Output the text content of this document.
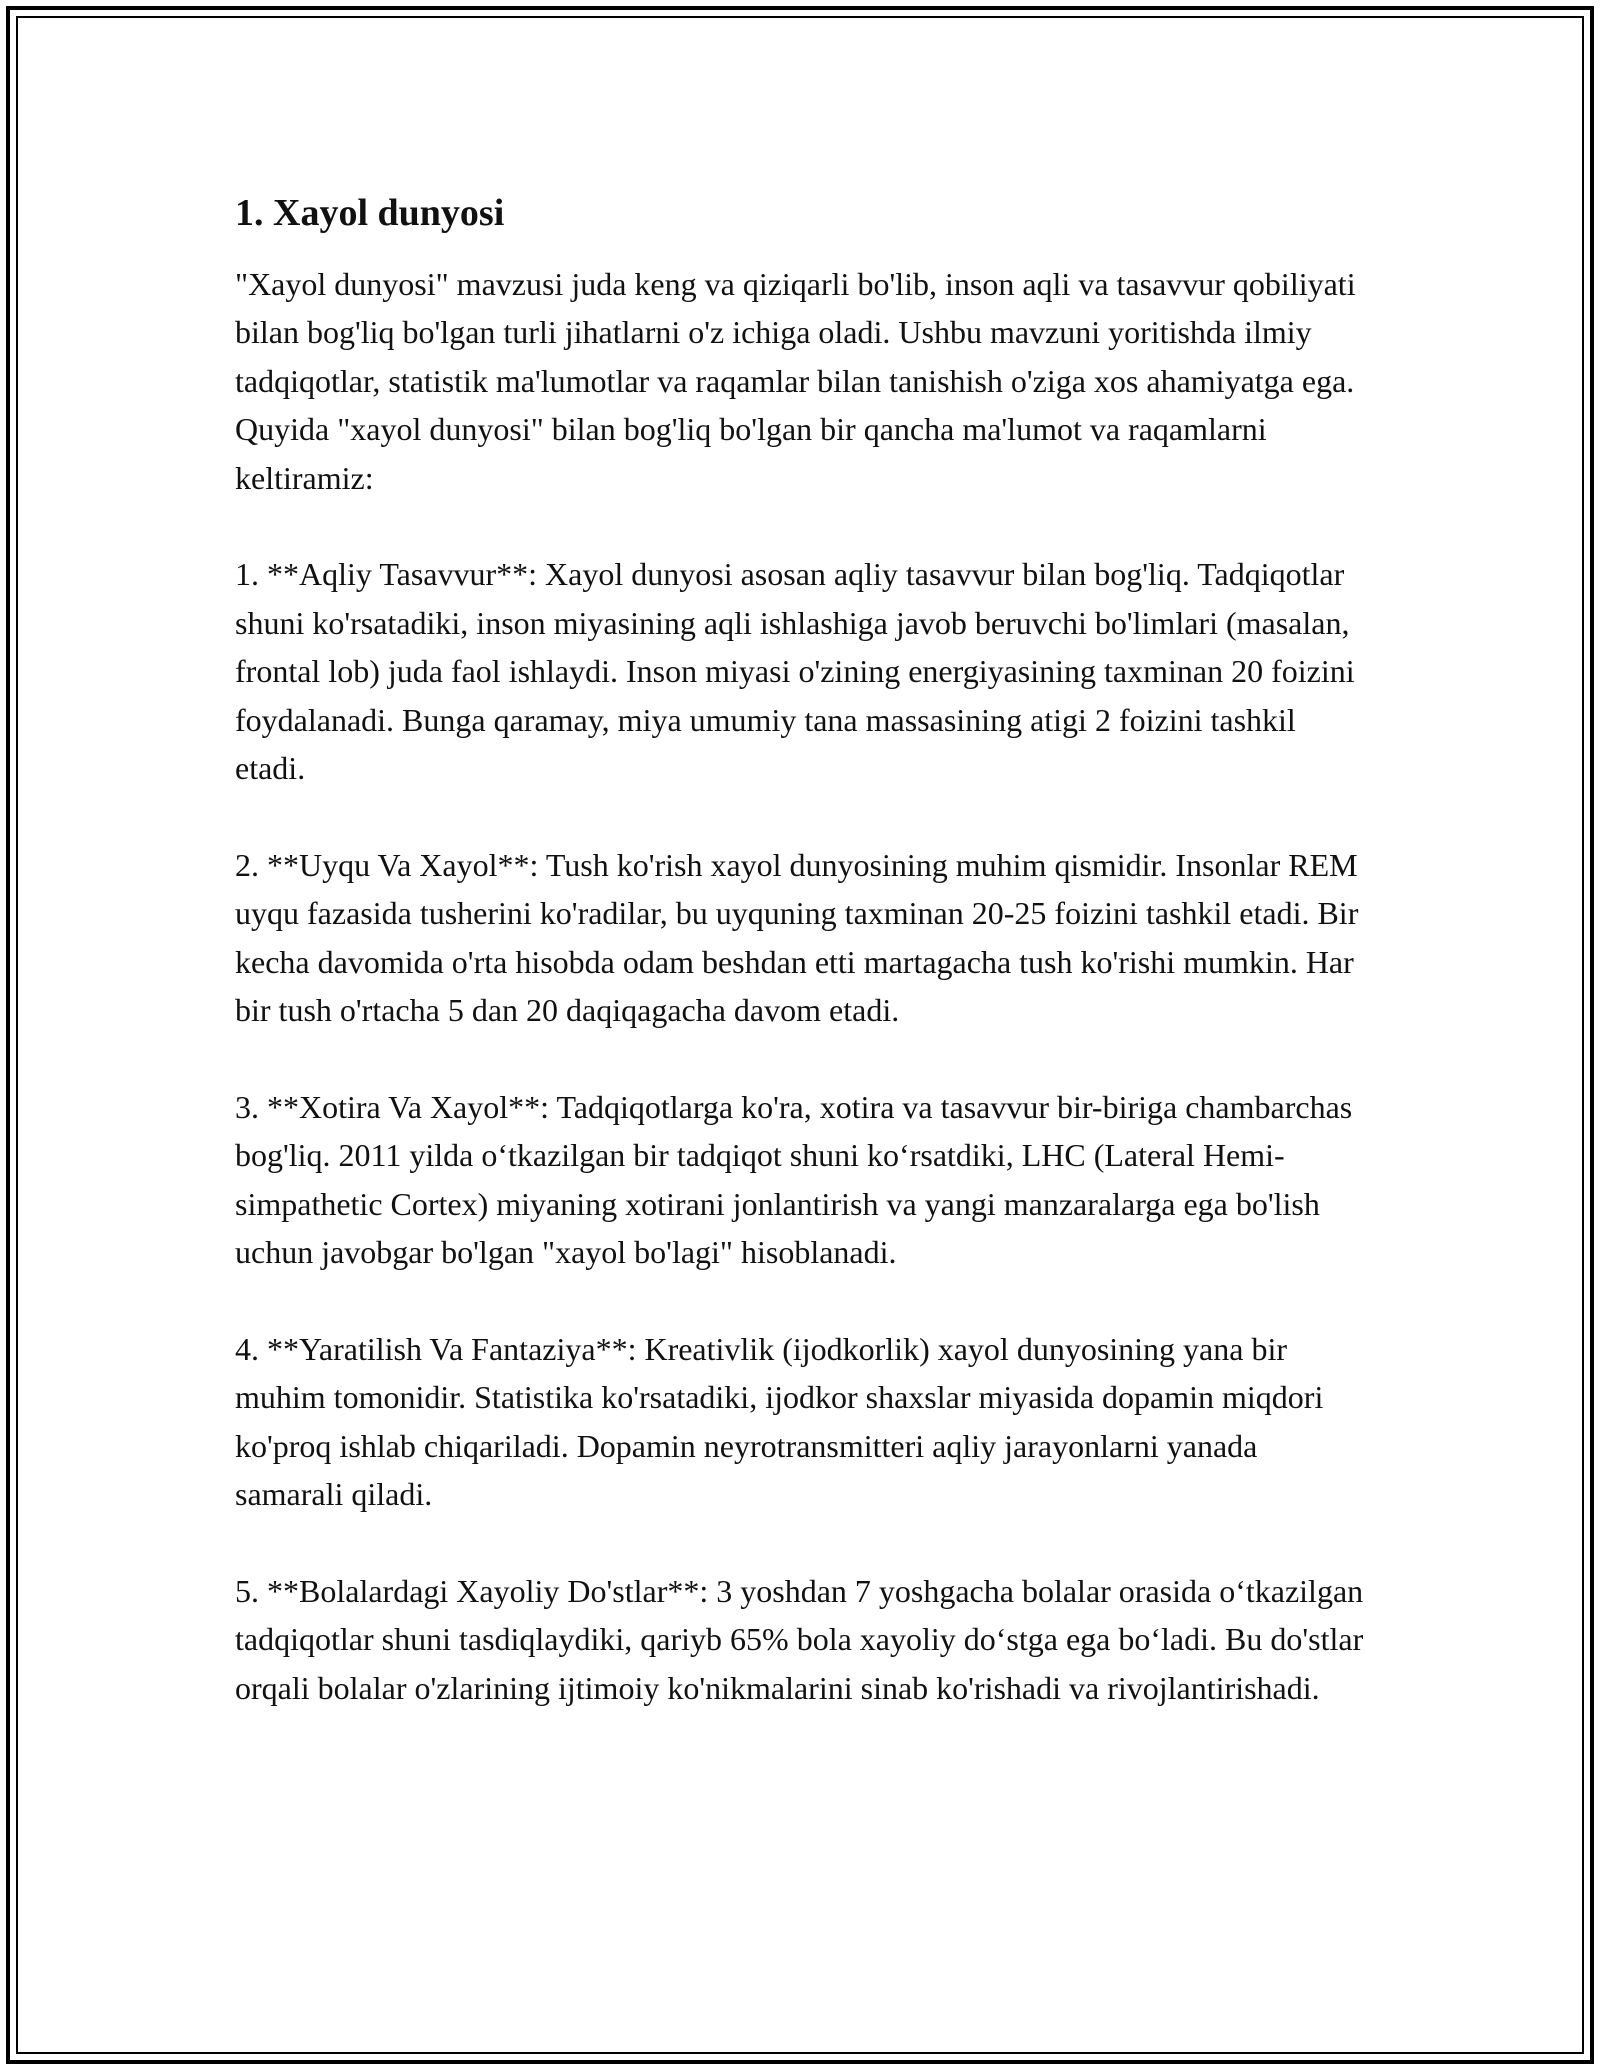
1. Xayol dunyosi

"Xayol dunyosi" mavzusi juda keng va qiziqarli bo'lib, inson aqli va tasavvur qobiliyati bilan bog'liq bo'lgan turli jihatlarni o'z ichiga oladi. Ushbu mavzuni yoritishda ilmiy tadqiqotlar, statistik ma'lumotlar va raqamlar bilan tanishish o'ziga xos ahamiyatga ega. Quyida "xayol dunyosi" bilan bog'liq bo'lgan bir qancha ma'lumot va raqamlarni keltiramiz:

1. **Aqliy Tasavvur**: Xayol dunyosi asosan aqliy tasavvur bilan bog'liq. Tadqiqotlar shuni ko'rsatadiki, inson miyasining aqli ishlashiga javob beruvchi bo'limlari (masalan, frontal lob) juda faol ishlaydi. Inson miyasi o'zining energiyasining taxminan 20 foizini foydalanadi. Bunga qaramay, miya umumiy tana massasining atigi 2 foizini tashkil etadi.

2. **Uyqu Va Xayol**: Tush ko'rish xayol dunyosining muhim qismidir. Insonlar REM uyqu fazasida tusherini ko'radilar, bu uyquning taxminan 20-25 foizini tashkil etadi. Bir kecha davomida o'rta hisobda odam beshdan etti martagacha tush ko'rishi mumkin. Har bir tush o'rtacha 5 dan 20 daqiqagacha davom etadi.

3. **Xotira Va Xayol**: Tadqiqotlarga ko'ra, xotira va tasavvur bir-biriga chambarchas bog'liq. 2011 yilda o‘tkazilgan bir tadqiqot shuni ko‘rsatdiki, LHC (Lateral Hemi-simpathetic Cortex) miyaning xotirani jonlantirish va yangi manzaralarga ega bo'lish uchun javobgar bo'lgan "xayol bo'lagi" hisoblanadi.

4. **Yaratilish Va Fantaziya**: Kreativlik (ijodkorlik) xayol dunyosining yana bir muhim tomonidir. Statistika ko'rsatadiki, ijodkor shaxslar miyasida dopamin miqdori ko'proq ishlab chiqariladi. Dopamin neyrotransmitteri aqliy jarayonlarni yanada samarali qiladi.

5. **Bolalardagi Xayoliy Do'stlar**: 3 yoshdan 7 yoshgacha bolalar orasida o‘tkazilgan tadqiqotlar shuni tasdiqlaydiki, qariyb 65% bola xayoliy do‘stga ega bo‘ladi. Bu do'stlar orqali bolalar o'zlarining ijtimoiy ko'nikmalarini sinab ko'rishadi va rivojlantirishadi.
